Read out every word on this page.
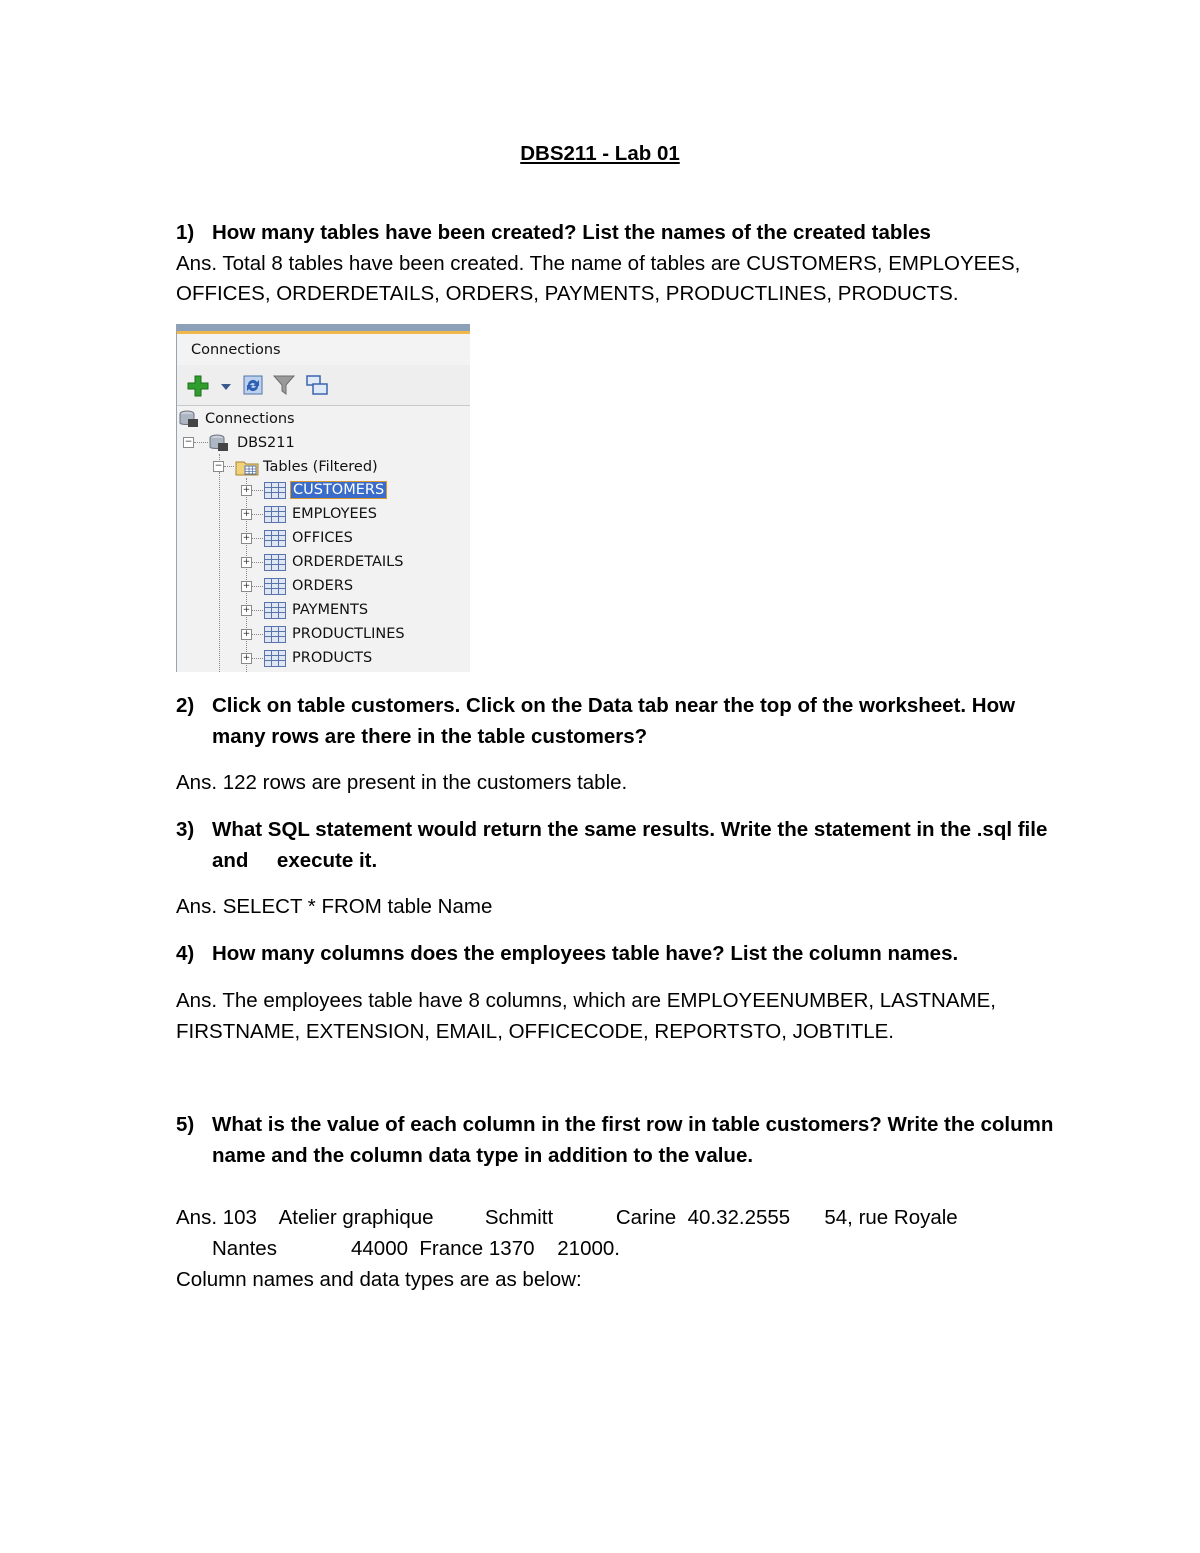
DBS211 - Lab 01
1) How many tables have been created? List the names of the created tables
Ans. Total 8 tables have been created. The name of tables are CUSTOMERS, EMPLOYEES,
OFFICES, ORDERDETAILS, ORDERS, PAYMENTS, PRODUCTLINES, PRODUCTS.
Connections
Connections
−	DBS211
−	Tables (Filtered)
+	CUSTOMERS
+	EMPLOYEES
+	OFFICES
+	ORDERDETAILS
+	ORDERS
+	PAYMENTS
+	PRODUCTLINES
+	PRODUCTS
2) Click on table customers. Click on the Data tab near the top of the worksheet. How
many rows are there in the table customers?
Ans. 122 rows are present in the customers table.
3) What SQL statement would return the same results. Write the statement in the .sql file
and     execute it.
Ans. SELECT * FROM table Name
4) How many columns does the employees table have? List the column names.
Ans. The employees table have 8 columns, which are EMPLOYEENUMBER, LASTNAME,
FIRSTNAME, EXTENSION, EMAIL, OFFICECODE, REPORTSTO, JOBTITLE.
5) What is the value of each column in the first row in table customers? Write the column
name and the column data type in addition to the value.
Ans. 103    Atelier graphique         Schmitt           Carine  40.32.2555      54, rue Royale
Nantes             44000  France 1370    21000.
Column names and data types are as below:
